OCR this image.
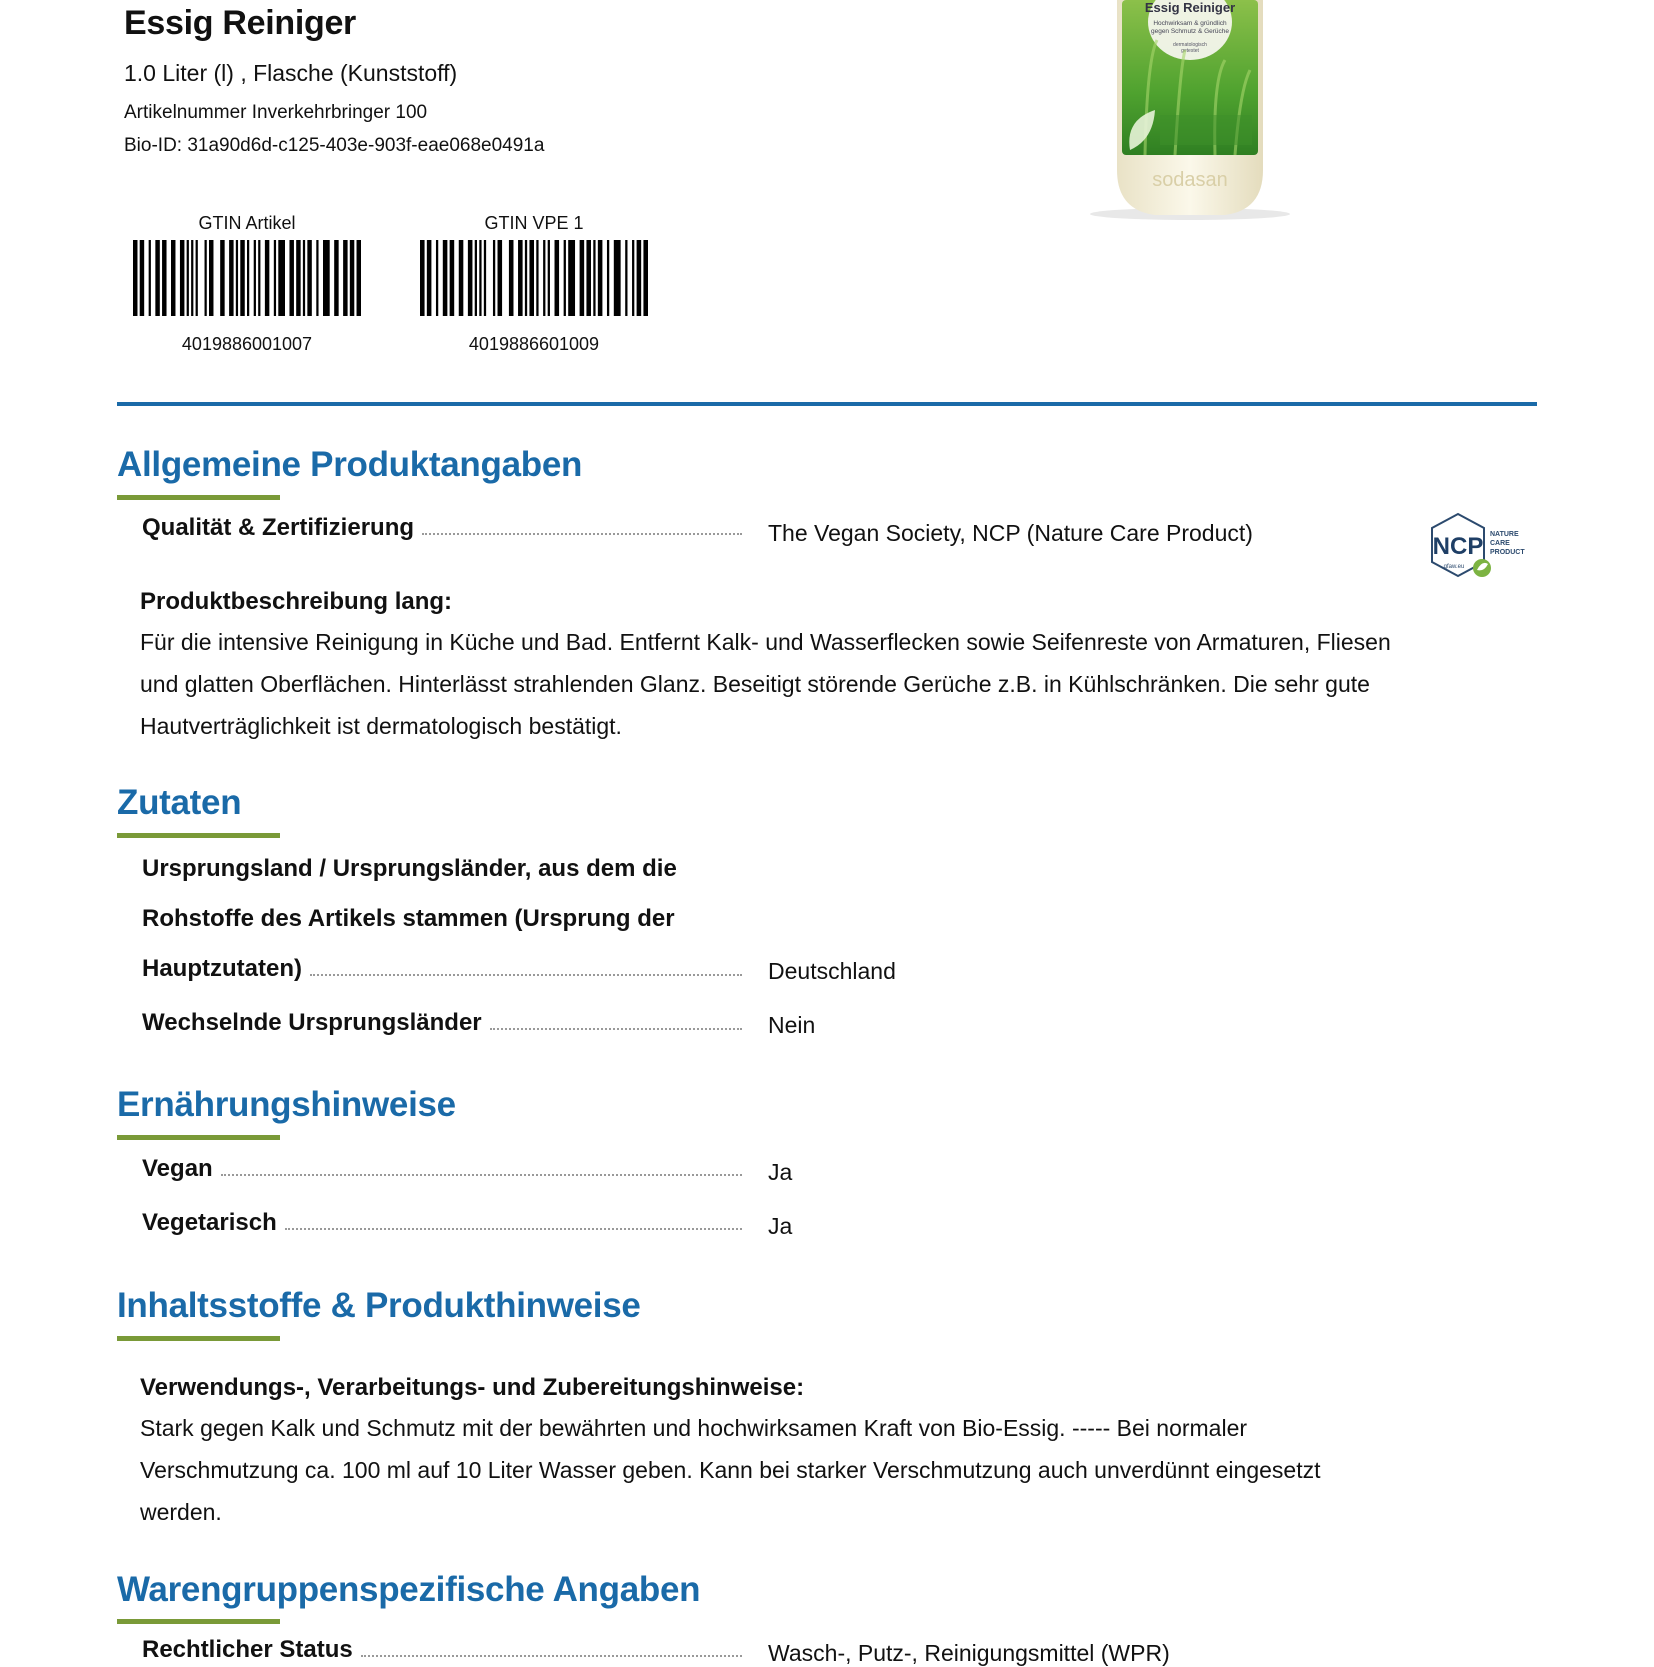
Essig Reiniger
1.0 Liter (l) , Flasche (Kunststoff)
Artikelnummer Inverkehrbringer 100
Bio-ID: 31a90d6d-c125-403e-903f-eae068e0491a
GTIN Artikel
4019886001007
GTIN VPE 1
4019886601009
Essig Reiniger
Hochwirksam & gründlich
gegen Schmutz & Gerüche
dermatologisch
getestet
sodasan
Allgemeine Produktangaben
Qualität & Zertifizierung	The Vegan Society, NCP (Nature Care Product)	NCP NATURE
CARE
PRODUCT
gfaw.eu
Produktbeschreibung lang:
Für die intensive Reinigung in Küche und Bad. Entfernt Kalk- und Wasserflecken sowie Seifenreste von Armaturen, Fliesen und glatten Oberflächen. Hinterlässt strahlenden Glanz. Beseitigt störende Gerüche z.B. in Kühlschränken. Die sehr gute Hautverträglichkeit ist dermatologisch bestätigt.
Zutaten
Ursprungsland / Ursprungsländer, aus dem die
Rohstoffe des Artikels stammen (Ursprung der
Hauptzutaten)	Deutschland
Wechselnde Ursprungsländer	Nein
Ernährungshinweise
Vegan	Ja
Vegetarisch	Ja
Inhaltsstoffe & Produkthinweise
Verwendungs-, Verarbeitungs- und Zubereitungshinweise:
Stark gegen Kalk und Schmutz mit der bewährten und hochwirksamen Kraft von Bio-Essig. ----- Bei normaler Verschmutzung ca. 100 ml auf 10 Liter Wasser geben. Kann bei starker Verschmutzung auch unverdünnt eingesetzt werden.
Warengruppenspezifische Angaben
Rechtlicher Status	Wasch-, Putz-, Reinigungsmittel (WPR)
